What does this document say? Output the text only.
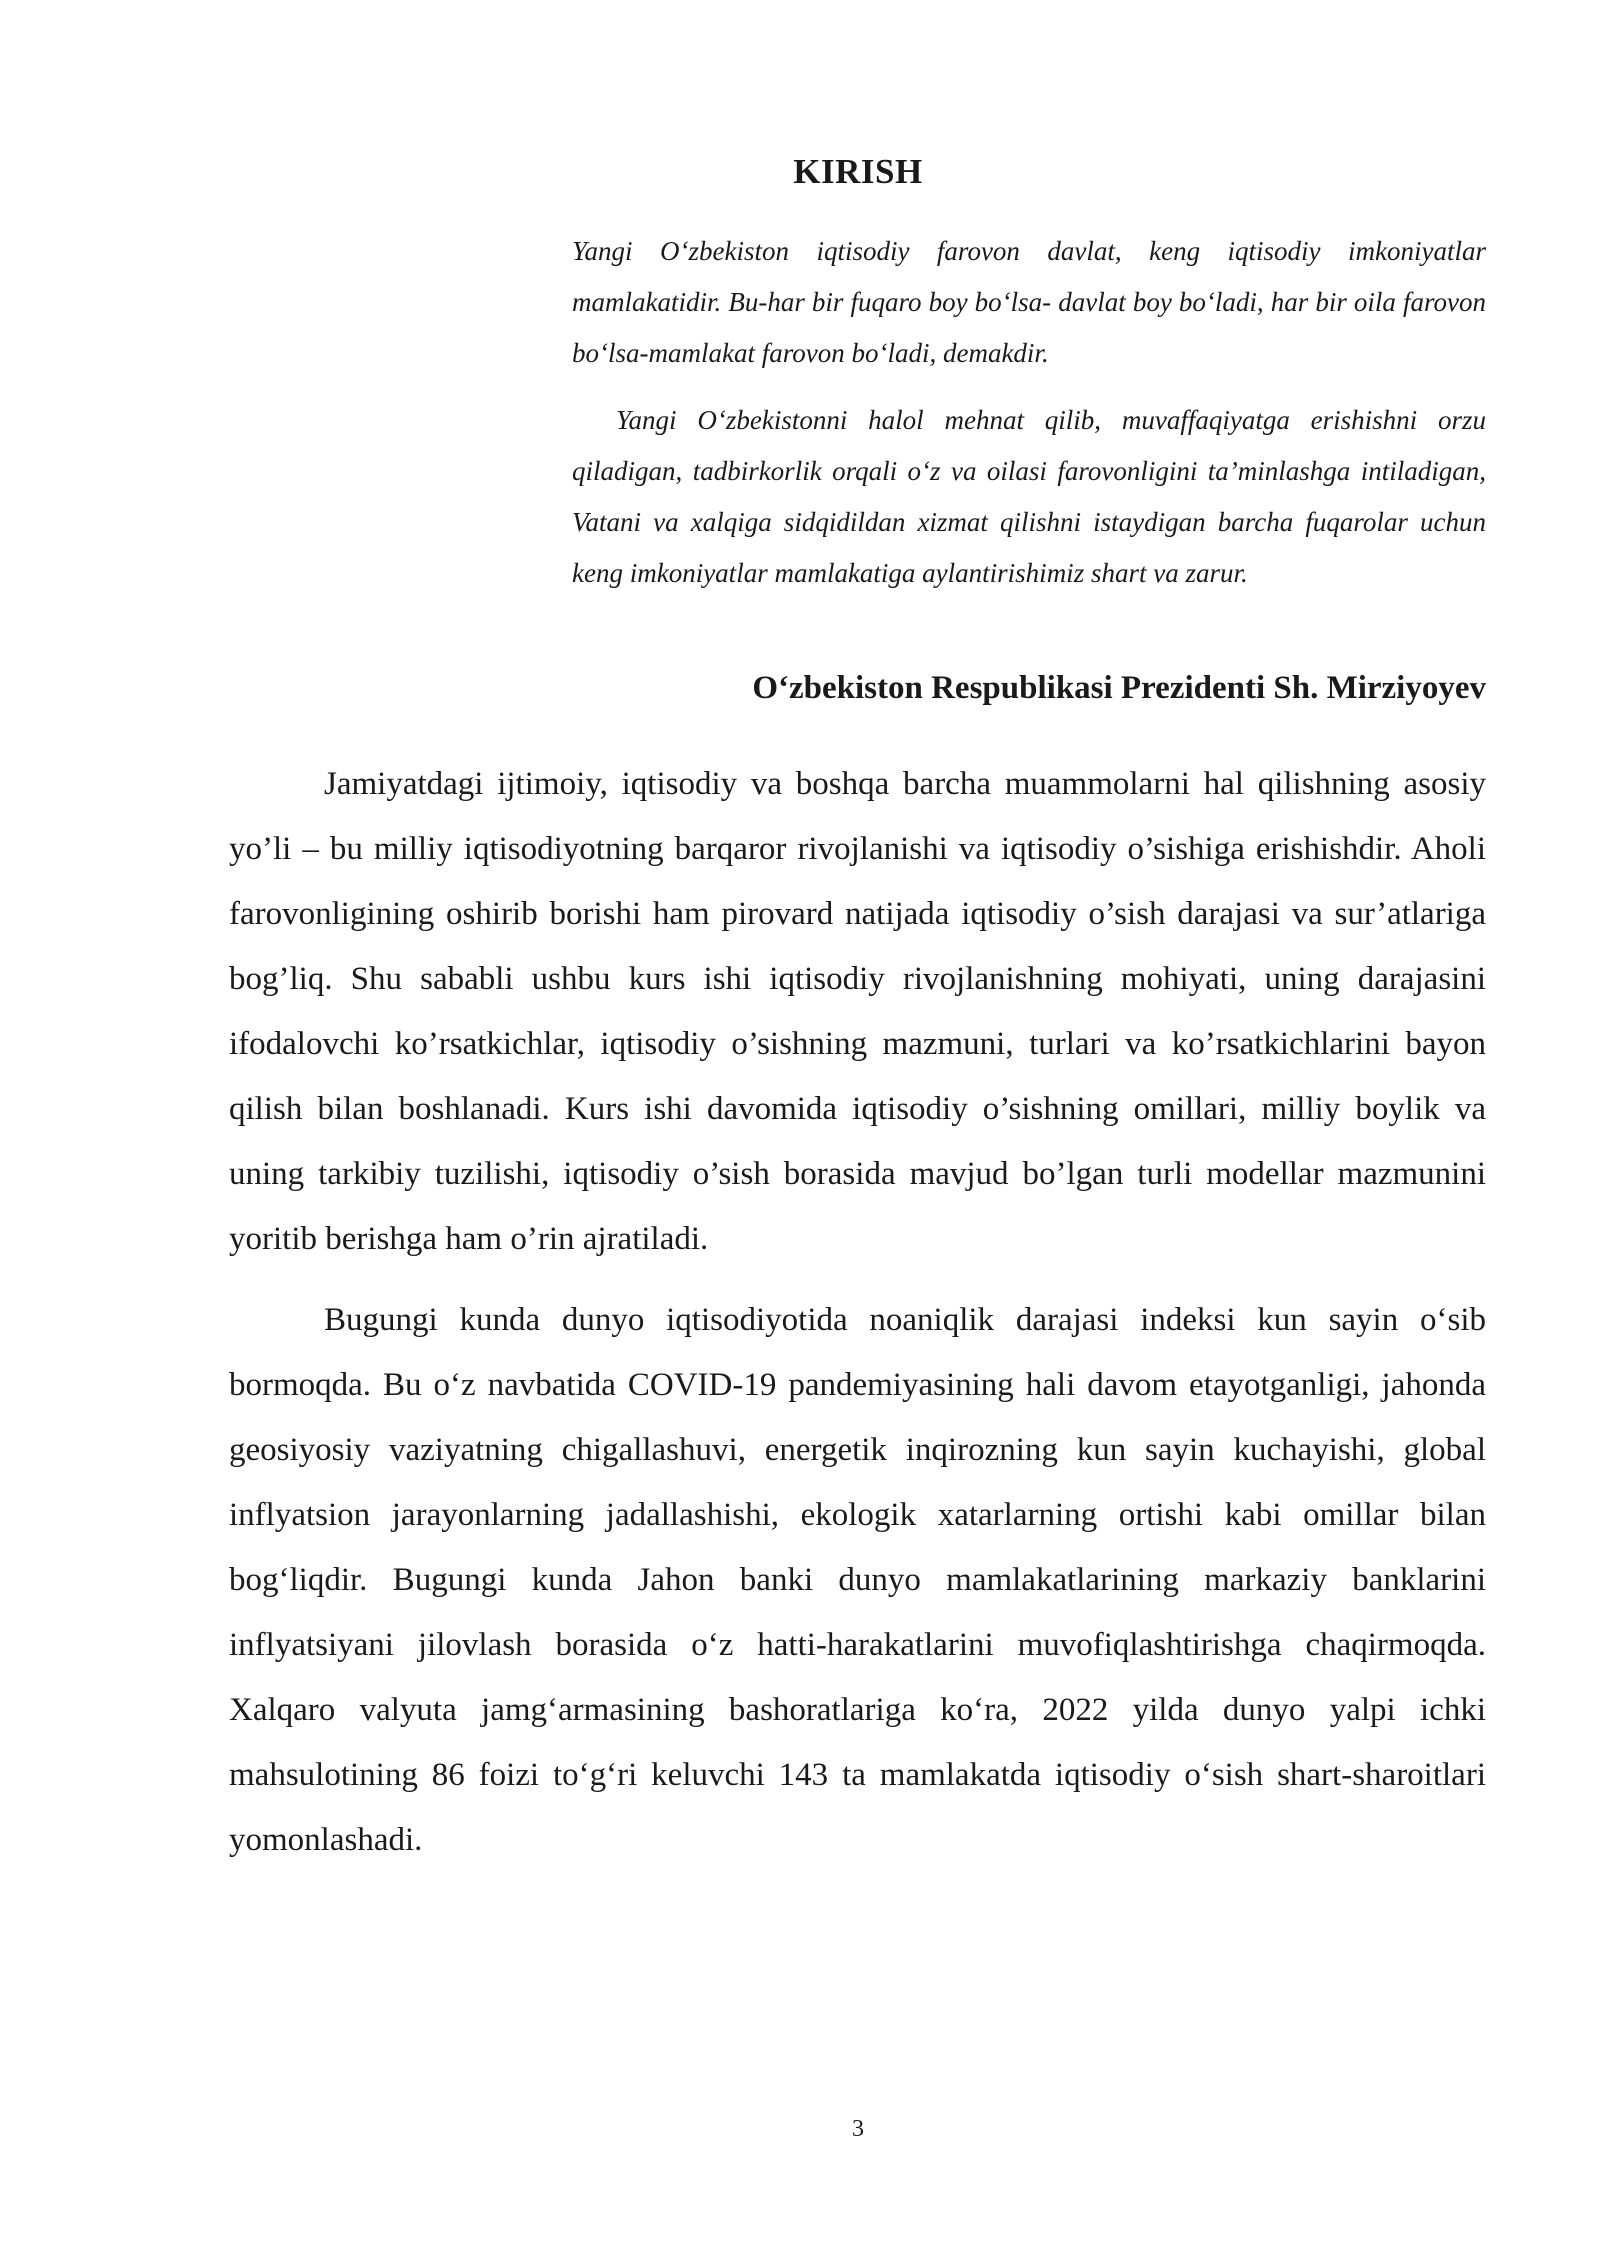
KIRISH

Yangi O‘zbekiston iqtisodiy farovon davlat, keng iqtisodiy imkoniyatlar mamlakatidir. Bu-har bir fuqaro boy bo‘lsa- davlat boy bo‘ladi, har bir oila farovon bo‘lsa-mamlakat farovon bo‘ladi, demakdir.

Yangi O‘zbekistonni halol mehnat qilib, muvaffaqiyatga erishishni orzu qiladigan, tadbirkorlik orqali o‘z va oilasi farovonligini ta’minlashga intiladigan, Vatani va xalqiga sidqidildan xizmat qilishni istaydigan barcha fuqarolar uchun keng imkoniyatlar mamlakatiga aylantirishimiz shart va zarur.

O‘zbekiston Respublikasi Prezidenti Sh. Mirziyoyev

Jamiyatdagi ijtimoiy, iqtisodiy va boshqa barcha muammolarni hal qilishning asosiy yo’li – bu milliy iqtisodiyotning barqaror rivojlanishi va iqtisodiy o’sishiga erishishdir. Aholi farovonligining oshirib borishi ham pirovard natijada iqtisodiy o’sish darajasi va sur’atlariga bog’liq. Shu sababli ushbu kurs ishi iqtisodiy rivojlanishning mohiyati, uning darajasini ifodalovchi ko’rsatkichlar, iqtisodiy o’sishning mazmuni, turlari va ko’rsatkichlarini bayon qilish bilan boshlanadi. Kurs ishi davomida iqtisodiy o’sishning omillari, milliy boylik va uning tarkibiy tuzilishi, iqtisodiy o’sish borasida mavjud bo’lgan turli modellar mazmunini yoritib berishga ham o’rin ajratiladi.

Bugungi kunda dunyo iqtisodiyotida noaniqlik darajasi indeksi kun sayin o‘sib bormoqda. Bu o‘z navbatida COVID-19 pandemiyasining hali davom etayotganligi, jahonda geosiyosiy vaziyatning chigallashuvi, energetik inqirozning kun sayin kuchayishi, global inflyatsion jarayonlarning jadallashishi, ekologik xatarlarning ortishi kabi omillar bilan bog‘liqdir. Bugungi kunda Jahon banki dunyo mamlakatlarining markaziy banklarini inflyatsiyani jilovlash borasida o‘z hatti-harakatlarini muvofiqlashtirishga chaqirmoqda. Xalqaro valyuta jamg‘armasining bashoratlariga ko‘ra, 2022 yilda dunyo yalpi ichki mahsulotining 86 foizi to‘g‘ri keluvchi 143 ta mamlakatda iqtisodiy o‘sish shart-sharoitlari yomonlashadi.

3
